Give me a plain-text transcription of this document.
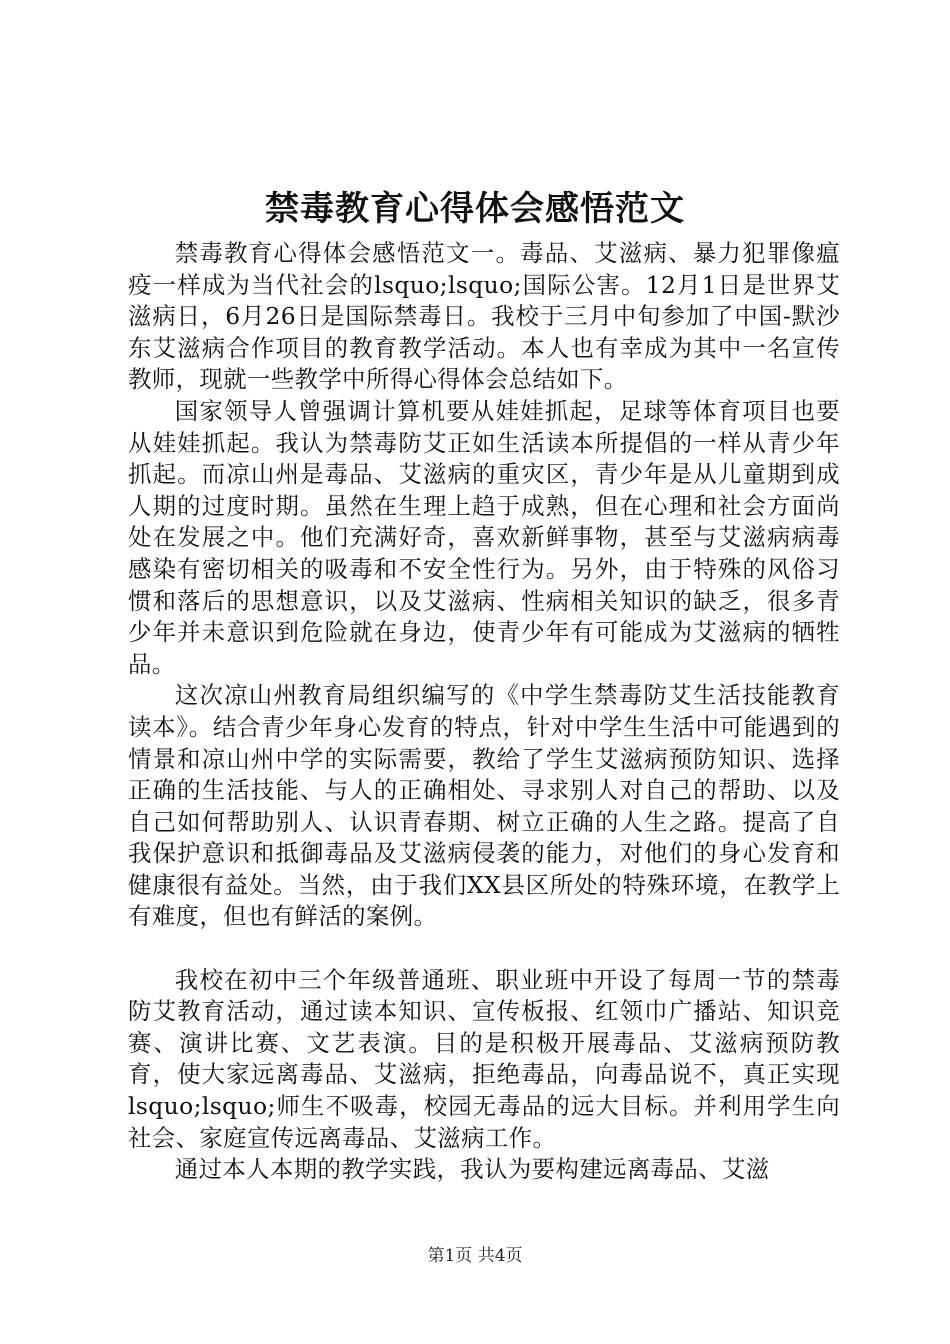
禁毒教育心得体会感悟范文

禁毒教育心得体会感悟范文一。毒品、艾滋病、暴力犯罪像瘟疫一样成为当代社会的lsquo;lsquo;国际公害。12月1日是世界艾滋病日，6月26日是国际禁毒日。我校于三月中旬参加了中国-默沙东艾滋病合作项目的教育教学活动。本人也有幸成为其中一名宣传教师，现就一些教学中所得心得体会总结如下。

国家领导人曾强调计算机要从娃娃抓起，足球等体育项目也要从娃娃抓起。我认为禁毒防艾正如生活读本所提倡的一样从青少年抓起。而凉山州是毒品、艾滋病的重灾区，青少年是从儿童期到成人期的过度时期。虽然在生理上趋于成熟，但在心理和社会方面尚处在发展之中。他们充满好奇，喜欢新鲜事物，甚至与艾滋病病毒感染有密切相关的吸毒和不安全性行为。另外，由于特殊的风俗习惯和落后的思想意识，以及艾滋病、性病相关知识的缺乏，很多青少年并未意识到危险就在身边，使青少年有可能成为艾滋病的牺牲品。

这次凉山州教育局组织编写的《中学生禁毒防艾生活技能教育读本》。结合青少年身心发育的特点，针对中学生生活中可能遇到的情景和凉山州中学的实际需要，教给了学生艾滋病预防知识、选择正确的生活技能、与人的正确相处、寻求别人对自己的帮助、以及自己如何帮助别人、认识青春期、树立正确的人生之路。提高了自我保护意识和抵御毒品及艾滋病侵袭的能力，对他们的身心发育和健康很有益处。当然，由于我们XX县区所处的特殊环境，在教学上有难度，但也有鲜活的案例。

我校在初中三个年级普通班、职业班中开设了每周一节的禁毒防艾教育活动，通过读本知识、宣传板报、红领巾广播站、知识竞赛、演讲比赛、文艺表演。目的是积极开展毒品、艾滋病预防教育，使大家远离毒品、艾滋病，拒绝毒品，向毒品说不，真正实现lsquo;lsquo;师生不吸毒，校园无毒品的远大目标。并利用学生向社会、家庭宣传远离毒品、艾滋病工作。

通过本人本期的教学实践，我认为要构建远离毒品、艾滋

第1页 共4页
